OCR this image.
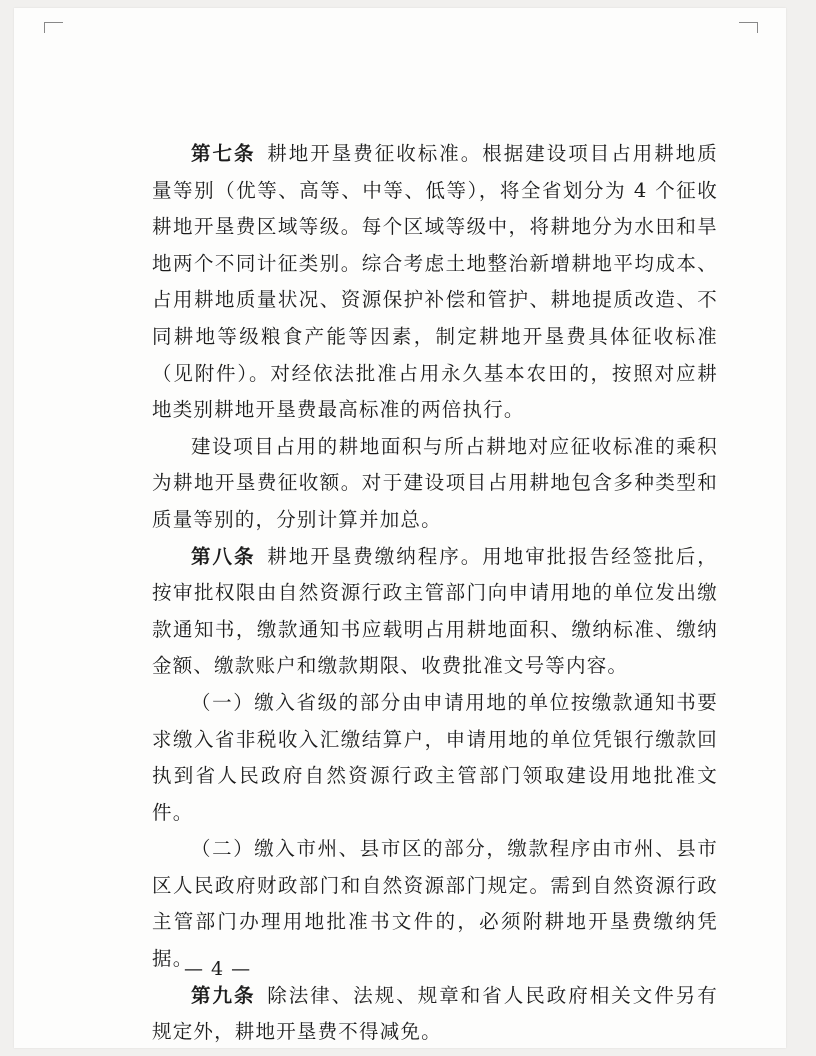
第七条 耕地开垦费征收标准。根据建设项目占用耕地质量等别（优等、高等、中等、低等），将全省划分为 4 个征收耕地开垦费区域等级。每个区域等级中，将耕地分为水田和旱地两个不同计征类别。综合考虑土地整治新增耕地平均成本、占用耕地质量状况、资源保护补偿和管护、耕地提质改造、不同耕地等级粮食产能等因素，制定耕地开垦费具体征收标准（见附件）。对经依法批准占用永久基本农田的，按照对应耕地类别耕地开垦费最高标准的两倍执行。

建设项目占用的耕地面积与所占耕地对应征收标准的乘积为耕地开垦费征收额。对于建设项目占用耕地包含多种类型和质量等别的，分别计算并加总。

第八条 耕地开垦费缴纳程序。用地审批报告经签批后，按审批权限由自然资源行政主管部门向申请用地的单位发出缴款通知书，缴款通知书应载明占用耕地面积、缴纳标准、缴纳金额、缴款账户和缴款期限、收费批准文号等内容。

（一）缴入省级的部分由申请用地的单位按缴款通知书要求缴入省非税收入汇缴结算户，申请用地的单位凭银行缴款回执到省人民政府自然资源行政主管部门领取建设用地批准文件。

（二）缴入市州、县市区的部分，缴款程序由市州、县市区人民政府财政部门和自然资源部门规定。需到自然资源行政主管部门办理用地批准书文件的，必须附耕地开垦费缴纳凭据。

第九条 除法律、法规、规章和省人民政府相关文件另有规定外，耕地开垦费不得减免。

— 4 —
